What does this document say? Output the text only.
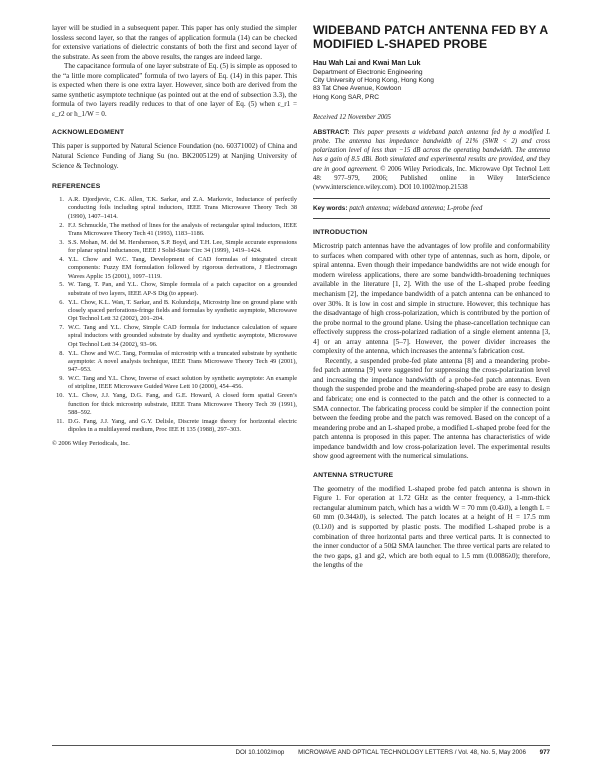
layer will be studied in a subsequent paper. This paper has only studied the simpler lossless second layer, so that the ranges of application formula (14) can be checked for extensive variations of dielectric constants of both the first and second layer of the substrate. As seen from the above results, the ranges are indeed large.

The capacitance formula of one layer substrate of Eq. (5) is simple as opposed to the “a little more complicated” formula of two layers of Eq. (14) in this paper. This is expected when there is one extra layer. However, since both are derived from the same synthetic asymptote technique (as pointed out at the end of subsection 3.3), the formula of two layers readily reduces to that of one layer of Eq. (5) when ε_r1 = ε_r2 or h_1/W = 0.

ACKNOWLEDGMENT

This paper is supported by Natural Science Foundation (no. 60371002) of China and Natural Science Funding of Jiang Su (no. BK2005129) at Nanjing University of Science & Technology.

REFERENCES
1. A.R. Djordjevic, C.K. Allen, T.K. Sarkar, and Z.A. Markovic, Inductance of perfectly conducting foils including spiral inductors, IEEE Trans Microwave Theory Tech 38 (1990), 1407–1414.
2. F.J. Schmuckle, The method of lines for the analysis of rectangular spiral inductors, IEEE Trans Microwave Theory Tech 41 (1993), 1183–1186.
3. S.S. Mohan, M. del M. Hershenson, S.P. Boyd, and T.H. Lee, Simple accurate expressions for planar spiral inductances, IEEE J Solid-State Circ 34 (1999), 1419–1424.
4. Y.L. Chow and W.C. Tang, Development of CAD formulas of integrated circuit components: Fuzzy EM formulation followed by rigorous derivations, J Electromagn Waves Applic 15 (2001), 1097–1119.
5. W. Tang, T. Pan, and Y.L. Chow, Simple formula of a patch capacitor on a grounded substrate of two layers, IEEE AP-S Dig (to appear).
6. Y.L. Chow, K.L. Wan, T. Sarkar, and B. Kolundzija, Microstrip line on ground plane with closely spaced perforations-fringe fields and formulas by synthetic asymptote, Microwave Opt Technol Lett 32 (2002), 201–204.
7. W.C. Tang and Y.L. Chow, Simple CAD formula for inductance calculation of square spiral inductors with grounded substrate by duality and synthetic asymptote, Microwave Opt Technol Lett 34 (2002), 93–96.
8. Y.L. Chow and W.C. Tang, Formulas of microstrip with a truncated substrate by synthetic asymptote: A novel analysis technique, IEEE Trans Microwave Theory Tech 49 (2001), 947–953.
9. W.C. Tang and Y.L. Chow, Inverse of exact solution by synthetic asymptote: An example of stripline, IEEE Microwave Guided Wave Lett 10 (2000), 454–456.
10. Y.L. Chow, J.J. Yang, D.G. Fang, and G.E. Howard, A closed form spatial Green’s function for thick microstrip substrate, IEEE Trans Microwave Theory Tech 39 (1991), 588–592.
11. D.G. Fang, J.J. Yang, and G.Y. Delisle, Discrete image theory for horizontal electric dipoles in a multilayered medium, Proc IEE H 135 (1988), 297–303.
© 2006 Wiley Periodicals, Inc.
WIDEBAND PATCH ANTENNA FED BY A MODIFIED L-SHAPED PROBE
Hau Wah Lai and Kwai Man Luk
Department of Electronic Engineering
City University of Hong Kong, Hong Kong
83 Tat Chee Avenue, Kowloon
Hong Kong SAR, PRC
Received 12 November 2005
ABSTRACT: This paper presents a wideband patch antenna fed by a modified L probe. The antenna has impedance bandwidth of 21% (SWR < 2) and cross polarization level of less than −15 dB across the operating bandwidth. The antenna has a gain of 8.5 dBi. Both simulated and experimental results are provided, and they are in good agreement. © 2006 Wiley Periodicals, Inc. Microwave Opt Technol Lett 48: 977–979, 2006; Published online in Wiley InterScience (www.interscience.wiley.com). DOI 10.1002/mop.21538
Key words: patch antenna; wideband antenna; L-probe feed
INTRODUCTION

Microstrip patch antennas have the advantages of low profile and conformability to surfaces when compared with other type of antennas, such as horn, dipole, or spiral antenna. Even though their impedance bandwidths are not wide enough for modern wireless applications, there are some bandwidth-broadening techniques available in the literature [1, 2]. With the use of the L-shaped probe feeding mechanism [2], the impedance bandwidth of a patch antenna can be enhanced to over 30%. It is low in cost and simple in structure. However, this technique has the disadvantage of high cross-polarization, which is contributed by the portion of the probe normal to the ground plane. Using the phase-cancellation technique can effectively suppress the cross-polarized radiation of a single element antenna [3, 4] or an array antenna [5–7]. However, the power divider increases the complexity of the antenna, which increases the antenna’s fabrication cost.

Recently, a suspended probe-fed plate antenna [8] and a meandering probe-fed patch antenna [9] were suggested for suppressing the cross-polarization level and increasing the impedance bandwidth of a probe-fed patch antennas. Even though the suspended probe and the meandering-shaped probe are easy to design and fabricate; one end is connected to the patch and the other is connected to a SMA connector. The fabricating process could be simpler if the connection point between the feeding probe and the patch was removed. Based on the concept of a meandering probe and an L-shaped probe, a modified L-shaped probe feed for the patch antenna is proposed in this paper. The antenna has characteristics of wide impedance bandwidth and low cross-polarization level. The experimental results show good agreement with the numerical simulations.

ANTENNA STRUCTURE

The geometry of the modified L-shaped probe fed patch antenna is shown in Figure 1. For operation at 1.72 GHz as the center frequency, a 1-mm-thick rectangular aluminum patch, which has a width W = 70 mm (0.4λ0), a length L = 60 mm (0.344λ0), is selected. The patch locates at a height of H = 17.5 mm (0.1λ0) and is supported by plastic posts. The modified L-shaped probe is a combination of three horizontal parts and three vertical parts. It is connected to the inner conductor of a 50Ω SMA launcher. The three vertical parts are related to the two gaps, g1 and g2, which are both equal to 1.5 mm (0.0086λ0); therefore, the lengths of the

DOI 10.1002/mop MICROWAVE AND OPTICAL TECHNOLOGY LETTERS / Vol. 48, No. 5, May 2006 977
